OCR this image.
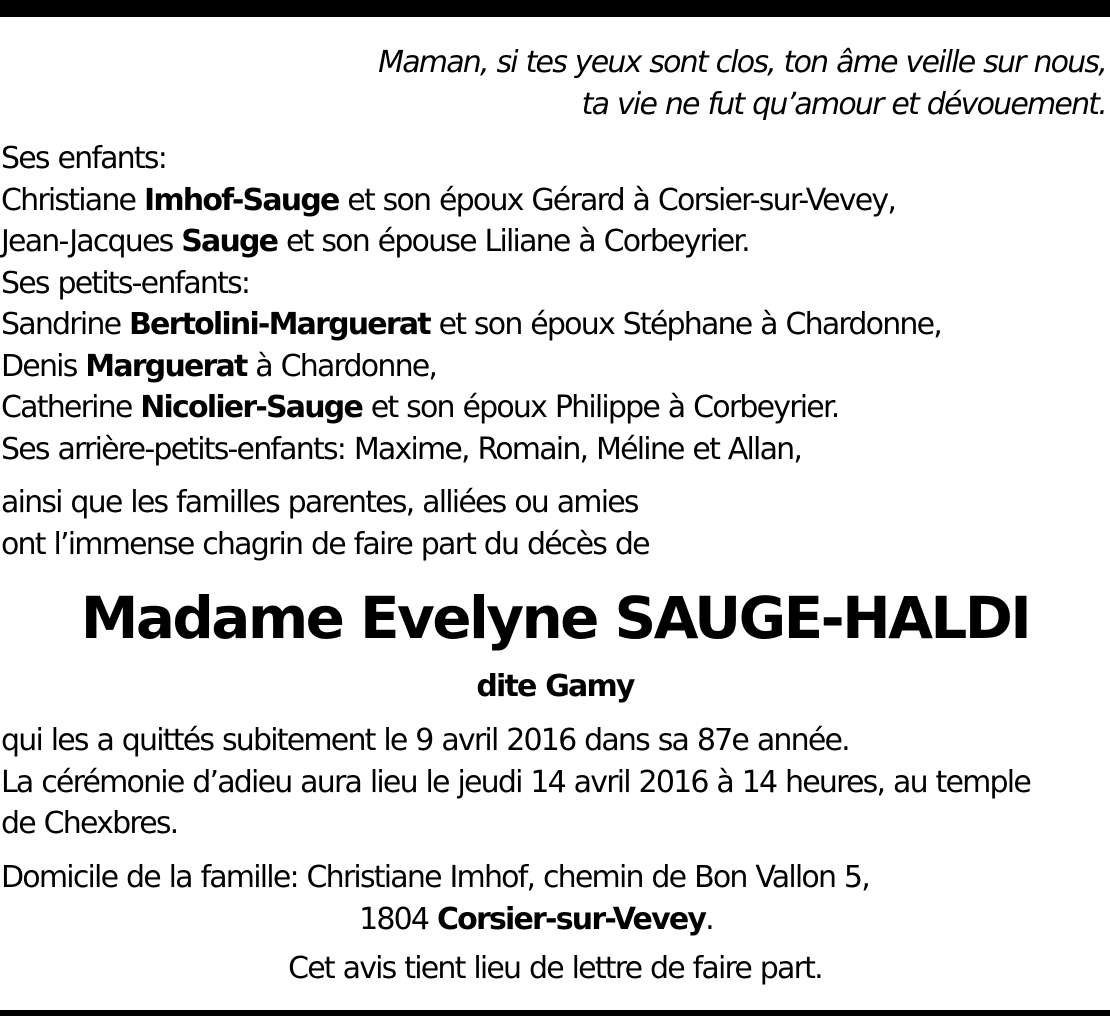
Maman, si tes yeux sont clos, ton âme veille sur nous,
ta vie ne fut qu’amour et dévouement.
Ses enfants:
Christiane Imhof-Sauge et son époux Gérard à Corsier-sur-Vevey,
Jean-Jacques Sauge et son épouse Liliane à Corbeyrier.
Ses petits-enfants:
Sandrine Bertolini-Marguerat et son époux Stéphane à Chardonne,
Denis Marguerat à Chardonne,
Catherine Nicolier-Sauge et son époux Philippe à Corbeyrier.
Ses arrière-petits-enfants: Maxime, Romain, Méline et Allan,
ainsi que les familles parentes, alliées ou amies
ont l’immense chagrin de faire part du décès de
Madame Evelyne SAUGE-HALDI
dite Gamy
qui les a quittés subitement le 9 avril 2016 dans sa 87e année.
La cérémonie d’adieu aura lieu le jeudi 14 avril 2016 à 14 heures, au temple
de Chexbres.
Domicile de la famille: Christiane Imhof, chemin de Bon Vallon 5,
1804 Corsier-sur-Vevey.
Cet avis tient lieu de lettre de faire part.
